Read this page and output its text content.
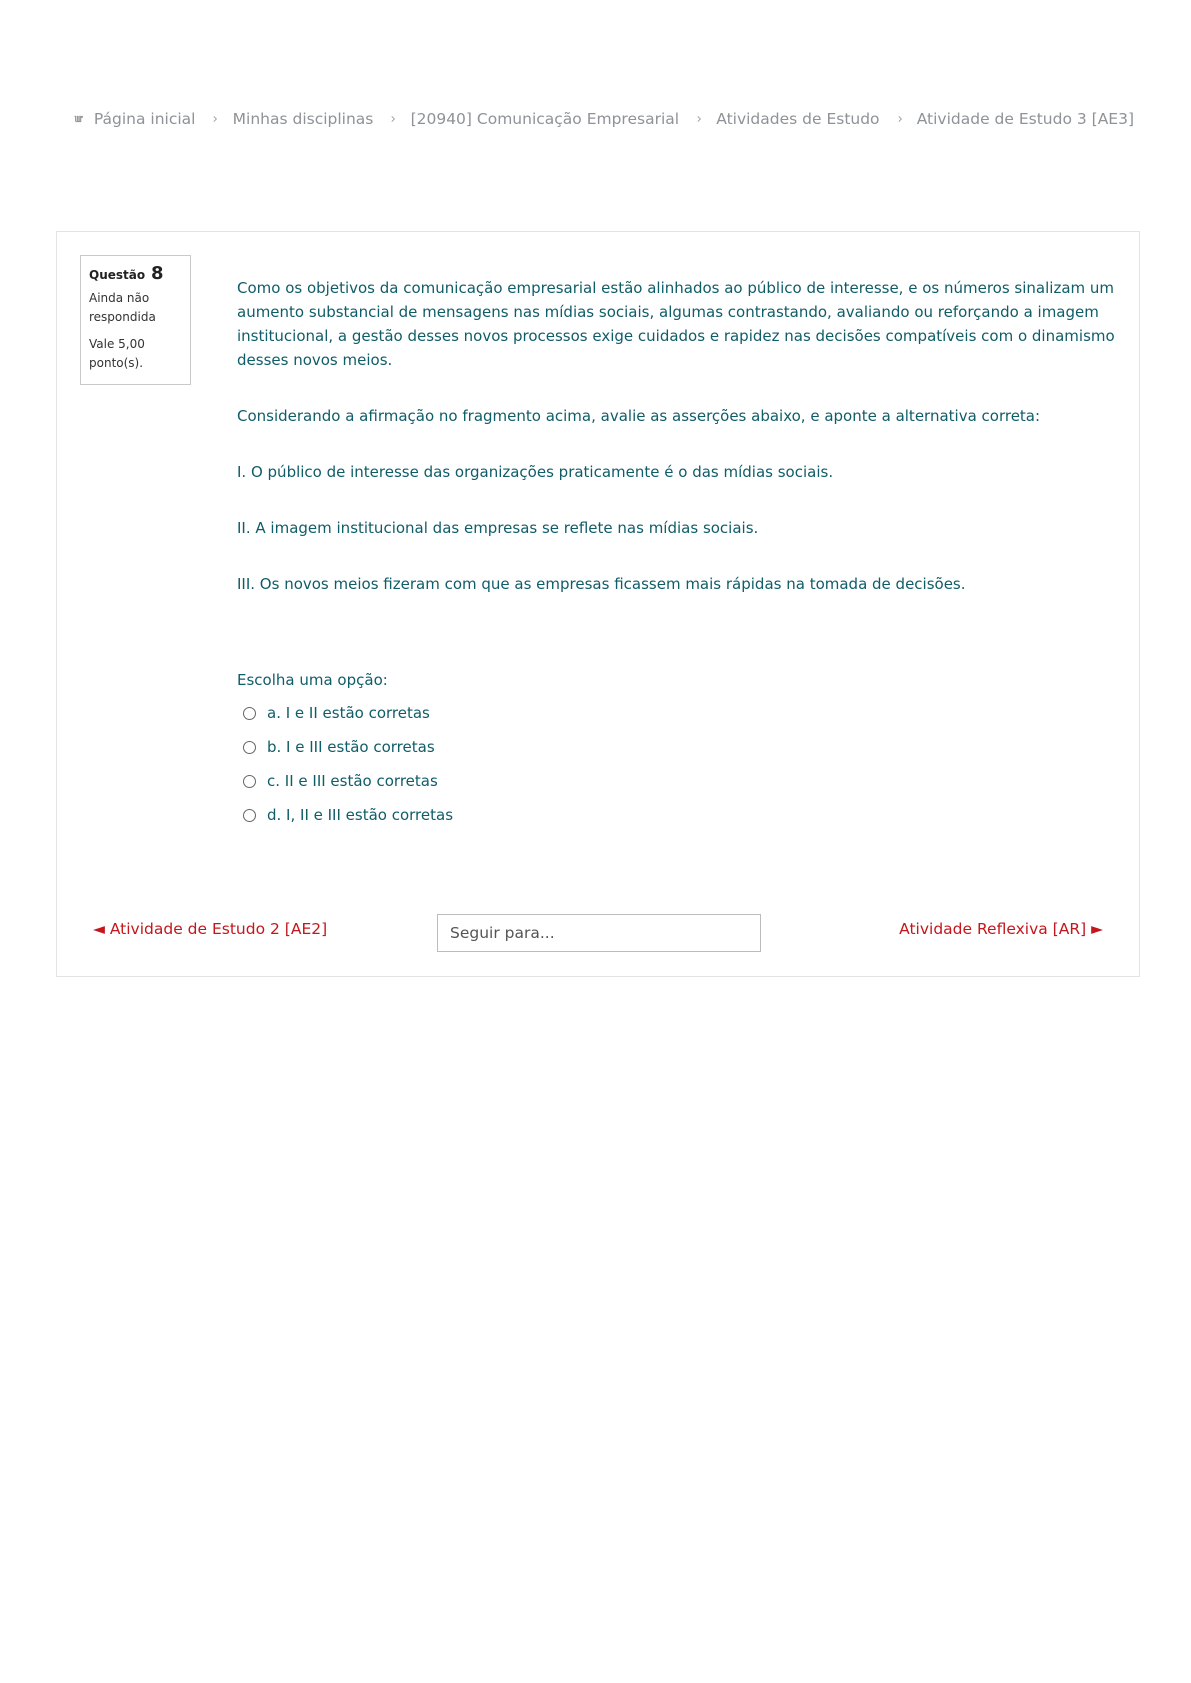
Página inicial Minhas disciplinas [20940] Comunicação Empresarial Atividades de Estudo Atividade de Estudo 3 [AE3]
Questão 8
Ainda não respondida
Vale 5,00 ponto(s).

Como os objetivos da comunicação empresarial estão alinhados ao público de interesse, e os números sinalizam um aumento substancial de mensagens nas mídias sociais, algumas contrastando, avaliando ou reforçando a imagem institucional, a gestão desses novos processos exige cuidados e rapidez nas decisões compatíveis com o dinamismo desses novos meios.

Considerando a afirmação no fragmento acima, avalie as asserções abaixo, e aponte a alternativa correta:

I. O público de interesse das organizações praticamente é o das mídias sociais.

II. A imagem institucional das empresas se reflete nas mídias sociais.

III. Os novos meios fizeram com que as empresas ficassem mais rápidas na tomada de decisões.

Escolha uma opção:

a. I e II estão corretas
b. I e III estão corretas
c. II e III estão corretas
d. I, II e III estão corretas
◄ Atividade de Estudo 2 [AE2]	Seguir para...	Atividade Reflexiva [AR] ►
